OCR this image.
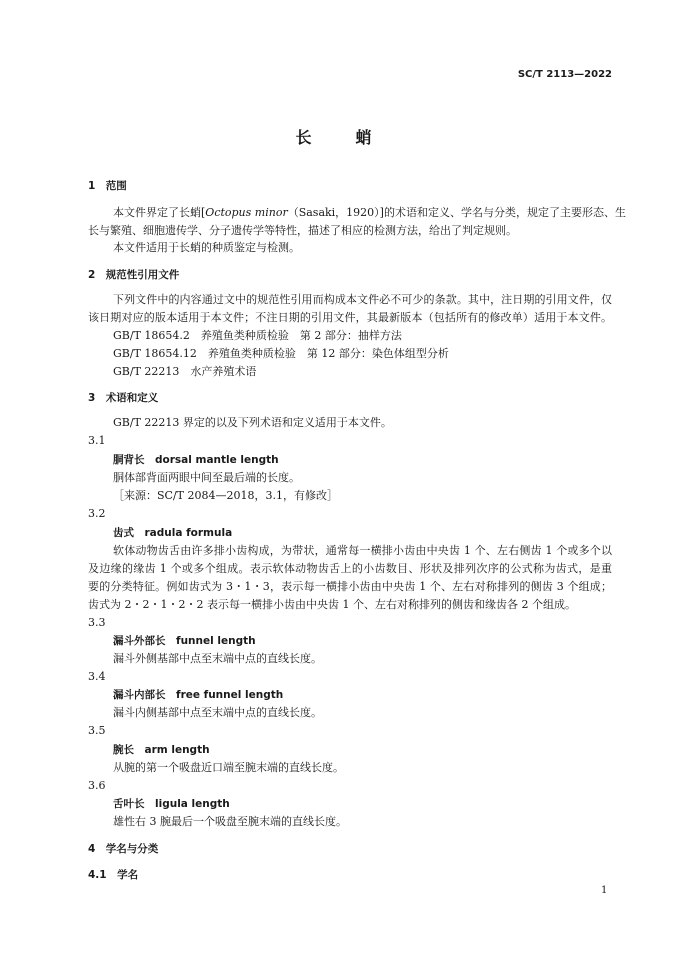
SC/T 2113—2022
长　蛸
1　范围
本文件界定了长蛸[Octopus minor（Sasaki，1920）]的术语和定义、学名与分类，规定了主要形态、生
长与繁殖、细胞遗传学、分子遗传学等特性，描述了相应的检测方法，给出了判定规则。
本文件适用于长蛸的种质鉴定与检测。
2　规范性引用文件
下列文件中的内容通过文中的规范性引用而构成本文件必不可少的条款。其中，注日期的引用文件，仅
该日期对应的版本适用于本文件；不注日期的引用文件，其最新版本（包括所有的修改单）适用于本文件。
GB/T 18654.2　养殖鱼类种质检验　第 2 部分：抽样方法
GB/T 18654.12　养殖鱼类种质检验　第 12 部分：染色体组型分析
GB/T 22213　水产养殖术语
3　术语和定义
GB/T 22213 界定的以及下列术语和定义适用于本文件。
3.1
胴背长　dorsal mantle length
胴体部背面两眼中间至最后端的长度。
［来源：SC/T 2084—2018，3.1，有修改］
3.2
齿式　radula formula
软体动物齿舌由许多排小齿构成，为带状，通常每一横排小齿由中央齿 1 个、左右侧齿 1 个或多个以
及边缘的缘齿 1 个或多个组成。表示软体动物齿舌上的小齿数目、形状及排列次序的公式称为齿式，是重
要的分类特征。例如齿式为 3・1・3，表示每一横排小齿由中央齿 1 个、左右对称排列的侧齿 3 个组成；
齿式为 2・2・1・2・2 表示每一横排小齿由中央齿 1 个、左右对称排列的侧齿和缘齿各 2 个组成。
3.3
漏斗外部长　funnel length
漏斗外侧基部中点至末端中点的直线长度。
3.4
漏斗内部长　free funnel length
漏斗内侧基部中点至末端中点的直线长度。
3.5
腕长　arm length
从腕的第一个吸盘近口端至腕末端的直线长度。
3.6
舌叶长　ligula length
雄性右 3 腕最后一个吸盘至腕末端的直线长度。
4　学名与分类
4.1　学名
1
